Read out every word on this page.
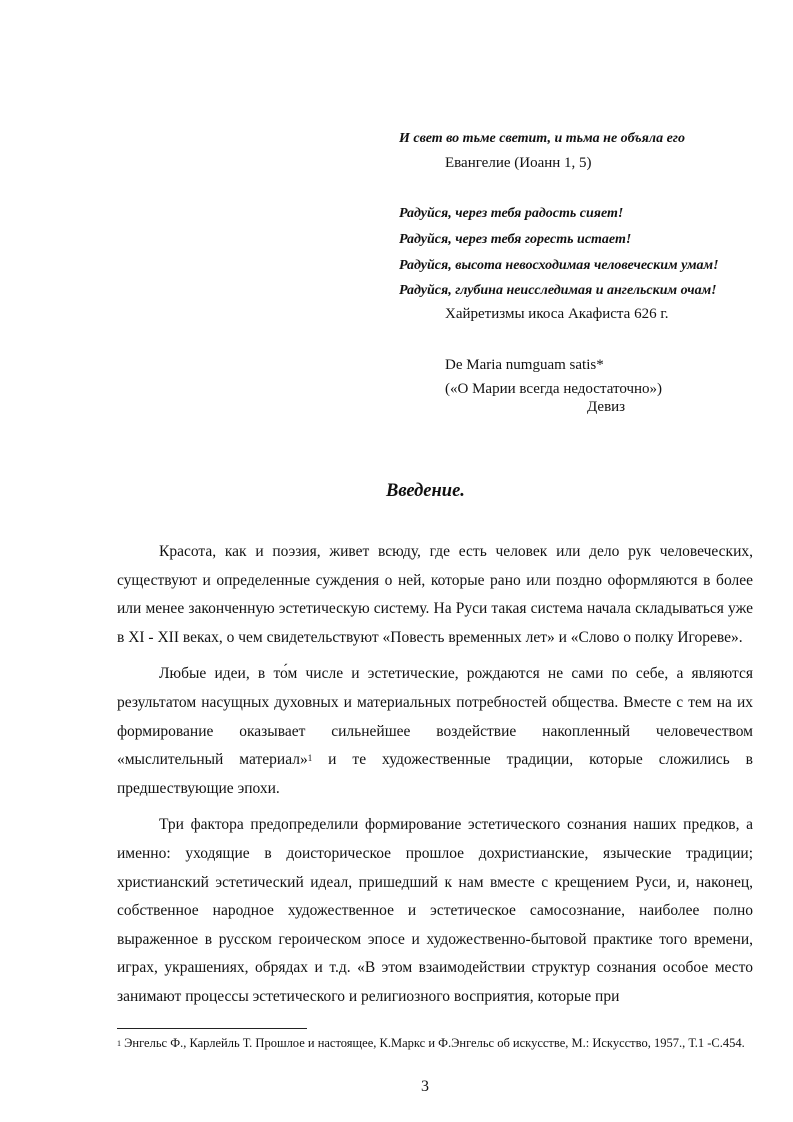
И свет во тьме светит, и тьма не объяла его
Евангелие (Иоанн 1, 5)
Радуйся, через тебя радость сияет!
Радуйся, через тебя горесть истает!
Радуйся, высота невосходимая человеческим умам!
Радуйся, глубина неисследимая и ангельским очам!
Хайретизмы икоса Акафиста 626 г.
De Maria numguam satis*
(«О Марии всегда недостаточно»)
Девиз
Введение.

Красота, как и поэзия, живет всюду, где есть человек или дело рук человеческих, существуют и определенные суждения о ней, которые рано или поздно оформляются в более или менее законченную эстетическую систему. На Руси такая система начала складываться уже в XI - XII веках, о чем свидетельствуют «Повесть временных лет» и «Слово о полку Игореве».

Любые идеи, в то́м числе и эстетические, рождаются не сами по себе, а являются результатом насущных духовных и материальных потребностей общества. Вместе с тем на их формирование оказывает сильнейшее воздействие накопленный человечеством «мыслительный материал»$^1$ и те художественные традиции, которые сложились в предшествующие эпохи.

Три фактора предопределили формирование эстетического сознания наших предков, а именно: уходящие в доисторическое прошлое дохристианские, языческие традиции; христианский эстетический идеал, пришедший к нам вместе с крещением Руси, и, наконец, собственное народное художественное и эстетическое самосознание, наиболее полно выраженное в русском героическом эпосе и художественно-бытовой практике того времени, играх, украшениях, обрядах и т.д. «В этом взаимодействии структур сознания особое место занимают процессы эстетического и религиозного восприятия, которые при

$^1$ Энгельс Ф., Карлейль Т. Прошлое и настоящее, К.Маркс и Ф.Энгельс об искусстве, М.: Искусство, 1957., Т.1 -С.454.
3
